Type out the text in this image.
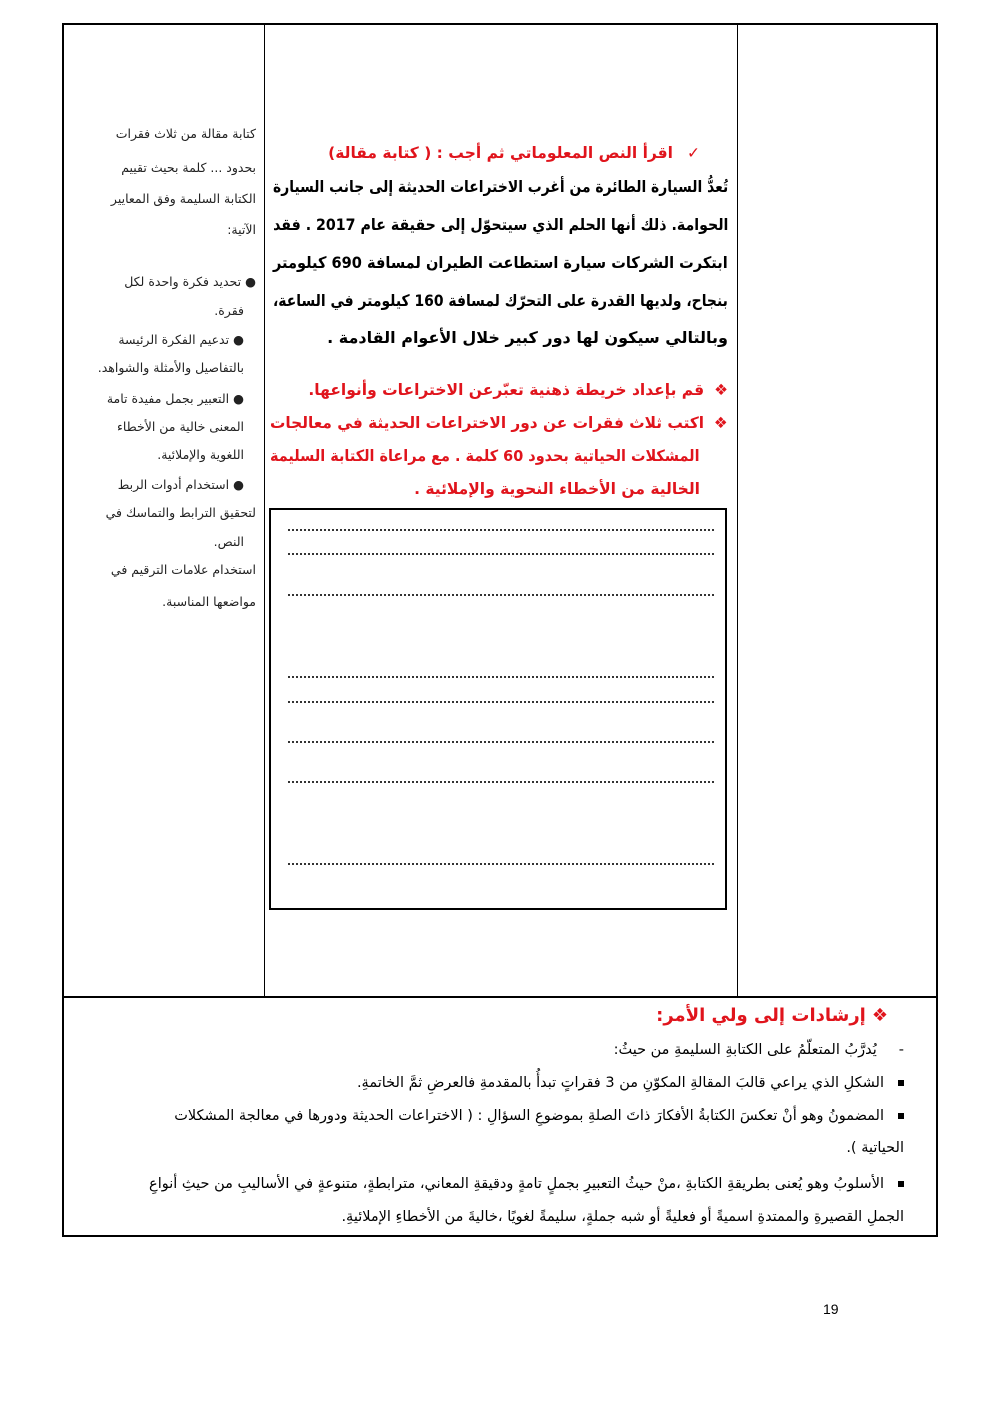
كتابة مقالة من ثلاث فقرات
بحدود ... كلمة بحيث تقييم
الكتابة السليمة وفق المعايير
الآتية:
● تحديد فكرة واحدة لكل
فقرة.
● تدعيم الفكرة الرئيسة
بالتفاصيل والأمثلة والشواهد.
● التعبير بجمل مفيدة تامة
المعنى خالية من الأخطاء
اللغوية والإملائية.
● استخدام أدوات الربط
لتحقيق الترابط والتماسك في
النص.
استخدام علامات الترقيم في
مواضعها المناسبة.
✓اقرأ النص المعلوماتي ثم أجب : ( كتابة مقالة)
تُعدُّ السيارة الطائرة من أغرب الاختراعات الحديثة إلى جانب السيارة
الحوامة. ذلك أنها الحلم الذي سيتحوّل إلى حقيقة عام 2017 . فقد
ابتكرت الشركات سيارة استطاعت الطيران لمسافة 690 كيلومتر
بنجاح، ولديها القدرة على التحرّك لمسافة 160 كيلومتر في الساعة،
وبالتالي سيكون لها دور كبير خلال الأعوام القادمة .
❖قم بإعداد خريطة ذهنية تعبّرعن الاختراعات وأنواعها.
❖اكتب ثلاث فقرات عن دور الاختراعات الحديثة في معالجات
المشكلات الحياتية بحدود 60 كلمة . مع مراعاة الكتابة السليمة
الخالية من الأخطاء النحوية والإملائية .
❖إرشادات إلى ولي الأمر:
-يُدرَّبُ المتعلّمُ على الكتابةِ السليمةِ من حيثُ:
الشكلِ الذي يراعي قالبَ المقالةِ المكوّنِ من 3 فقراتٍ تبدأُ بالمقدمةِ فالعرضِ ثمَّ الخاتمةِ.
المضمونُ وهو أنْ تعكسَ الكتابةُ الأفكارَ ذاتَ الصلةِ بموضوعِ السؤالِ : ( الاختراعات الحديثة ودورها في معالجة المشكلات
الحياتية ).
الأسلوبُ وهو يُعنى بطريقةِ الكتابةِ ،منْ حيثُ التعبيرِ بجملٍ تامةٍ ودقيقةِ المعاني، مترابطةٍ، متنوعةٍ في الأساليبِ من حيثِ أنواعِ
الجملِ القصيرةِ والممتدةِ اسميةً أو فعليةً أو شبه جملةٍ، سليمةً لغويًا ،خاليةَ من الأخطاءِ الإملائيةِ.
19
